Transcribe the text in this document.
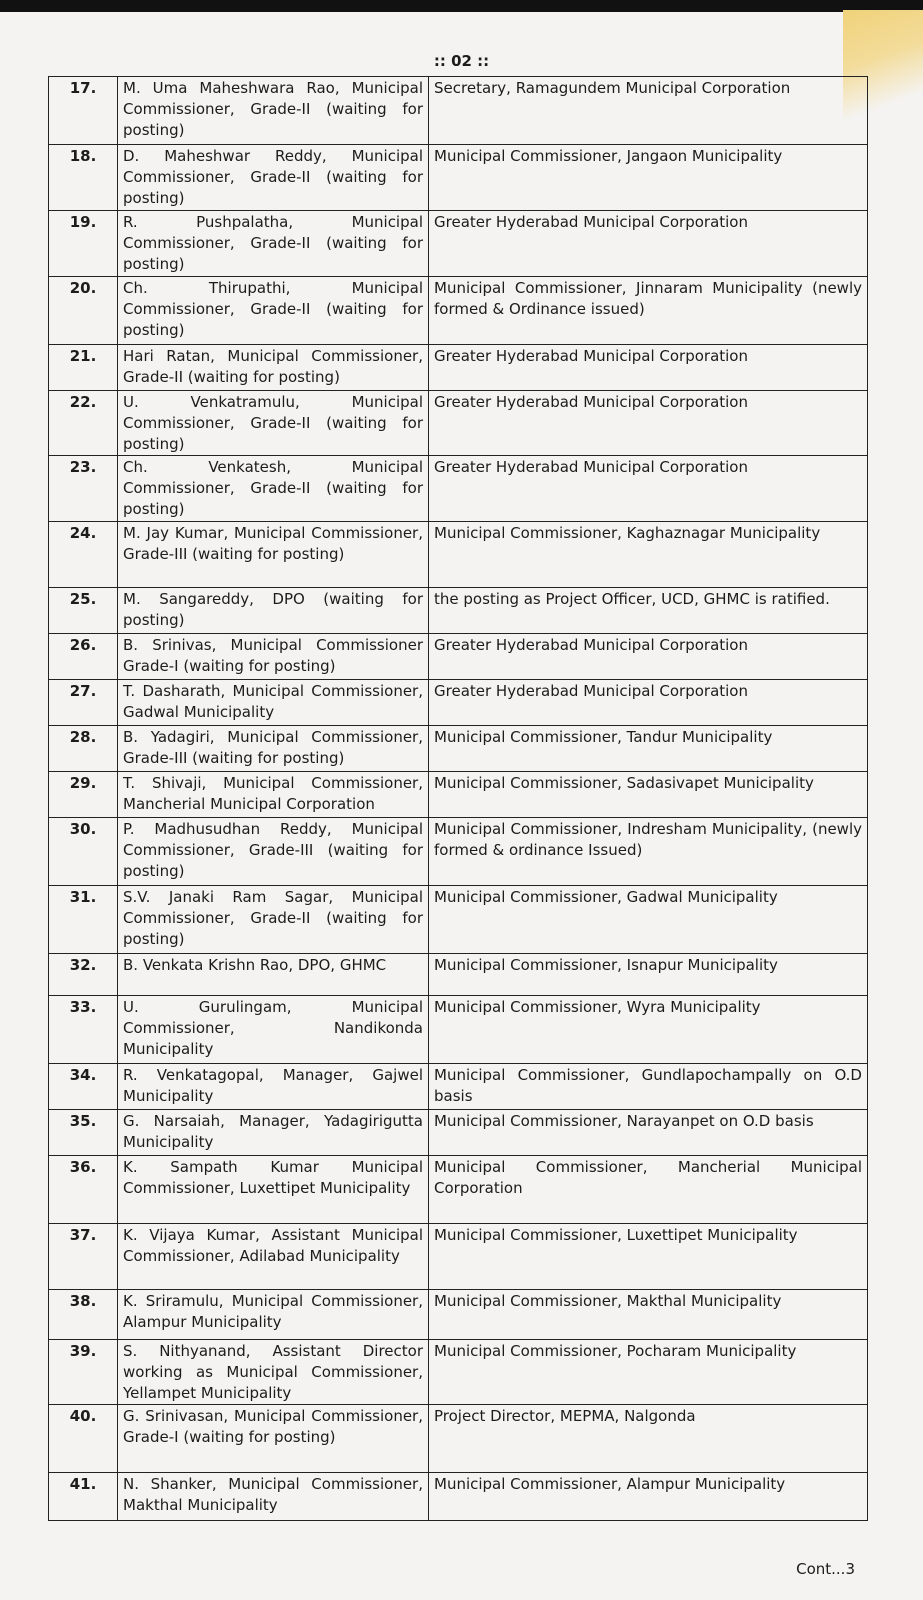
:: 02 ::
17.	M. Uma Maheshwara Rao, Municipal Commissioner, Grade-II (waiting for posting)	Secretary, Ramagundem Municipal Corporation
18.	D. Maheshwar Reddy, Municipal Commissioner, Grade-II (waiting for posting)	Municipal Commissioner, Jangaon Municipality
19.	R. Pushpalatha, Municipal Commissioner, Grade-II (waiting for posting)	Greater Hyderabad Municipal Corporation
20.	Ch. Thirupathi, Municipal Commissioner, Grade-II (waiting for posting)	Municipal Commissioner, Jinnaram Municipality (newly formed & Ordinance issued)
21.	Hari Ratan, Municipal Commissioner, Grade-II (waiting for posting)	Greater Hyderabad Municipal Corporation
22.	U. Venkatramulu, Municipal Commissioner, Grade-II (waiting for posting)	Greater Hyderabad Municipal Corporation
23.	Ch. Venkatesh, Municipal Commissioner, Grade-II (waiting for posting)	Greater Hyderabad Municipal Corporation
24.	M. Jay Kumar, Municipal Commissioner, Grade-III (waiting for posting)	Municipal Commissioner, Kaghaznagar Municipality
25.	M. Sangareddy, DPO (waiting for posting)	the posting as Project Officer, UCD, GHMC is ratified.
26.	B. Srinivas, Municipal Commissioner Grade-I (waiting for posting)	Greater Hyderabad Municipal Corporation
27.	T. Dasharath, Municipal Commissioner, Gadwal Municipality	Greater Hyderabad Municipal Corporation
28.	B. Yadagiri, Municipal Commissioner, Grade-III (waiting for posting)	Municipal Commissioner, Tandur Municipality
29.	T. Shivaji, Municipal Commissioner, Mancherial Municipal Corporation	Municipal Commissioner, Sadasivapet Municipality
30.	P. Madhusudhan Reddy, Municipal Commissioner, Grade-III (waiting for posting)	Municipal Commissioner, Indresham Municipality, (newly formed & ordinance Issued)
31.	S.V. Janaki Ram Sagar, Municipal Commissioner, Grade-II (waiting for posting)	Municipal Commissioner, Gadwal Municipality
32.	B. Venkata Krishn Rao, DPO, GHMC	Municipal Commissioner, Isnapur Municipality
33.	U. Gurulingam, Municipal Commissioner, Nandikonda Municipality	Municipal Commissioner, Wyra Municipality
34.	R. Venkatagopal, Manager, Gajwel Municipality	Municipal Commissioner, Gundlapochampally on O.D basis
35.	G. Narsaiah, Manager, Yadagirigutta Municipality	Municipal Commissioner, Narayanpet on O.D basis
36.	K. Sampath Kumar Municipal Commissioner, Luxettipet Municipality	Municipal Commissioner, Mancherial Municipal Corporation
37.	K. Vijaya Kumar, Assistant Municipal Commissioner, Adilabad Municipality	Municipal Commissioner, Luxettipet Municipality
38.	K. Sriramulu, Municipal Commissioner, Alampur Municipality	Municipal Commissioner, Makthal Municipality
39.	S. Nithyanand, Assistant Director working as Municipal Commissioner, Yellampet Municipality	Municipal Commissioner, Pocharam Municipality
40.	G. Srinivasan, Municipal Commissioner, Grade-I (waiting for posting)	Project Director, MEPMA, Nalgonda
41.	N. Shanker, Municipal Commissioner, Makthal Municipality	Municipal Commissioner, Alampur Municipality
Cont...3
